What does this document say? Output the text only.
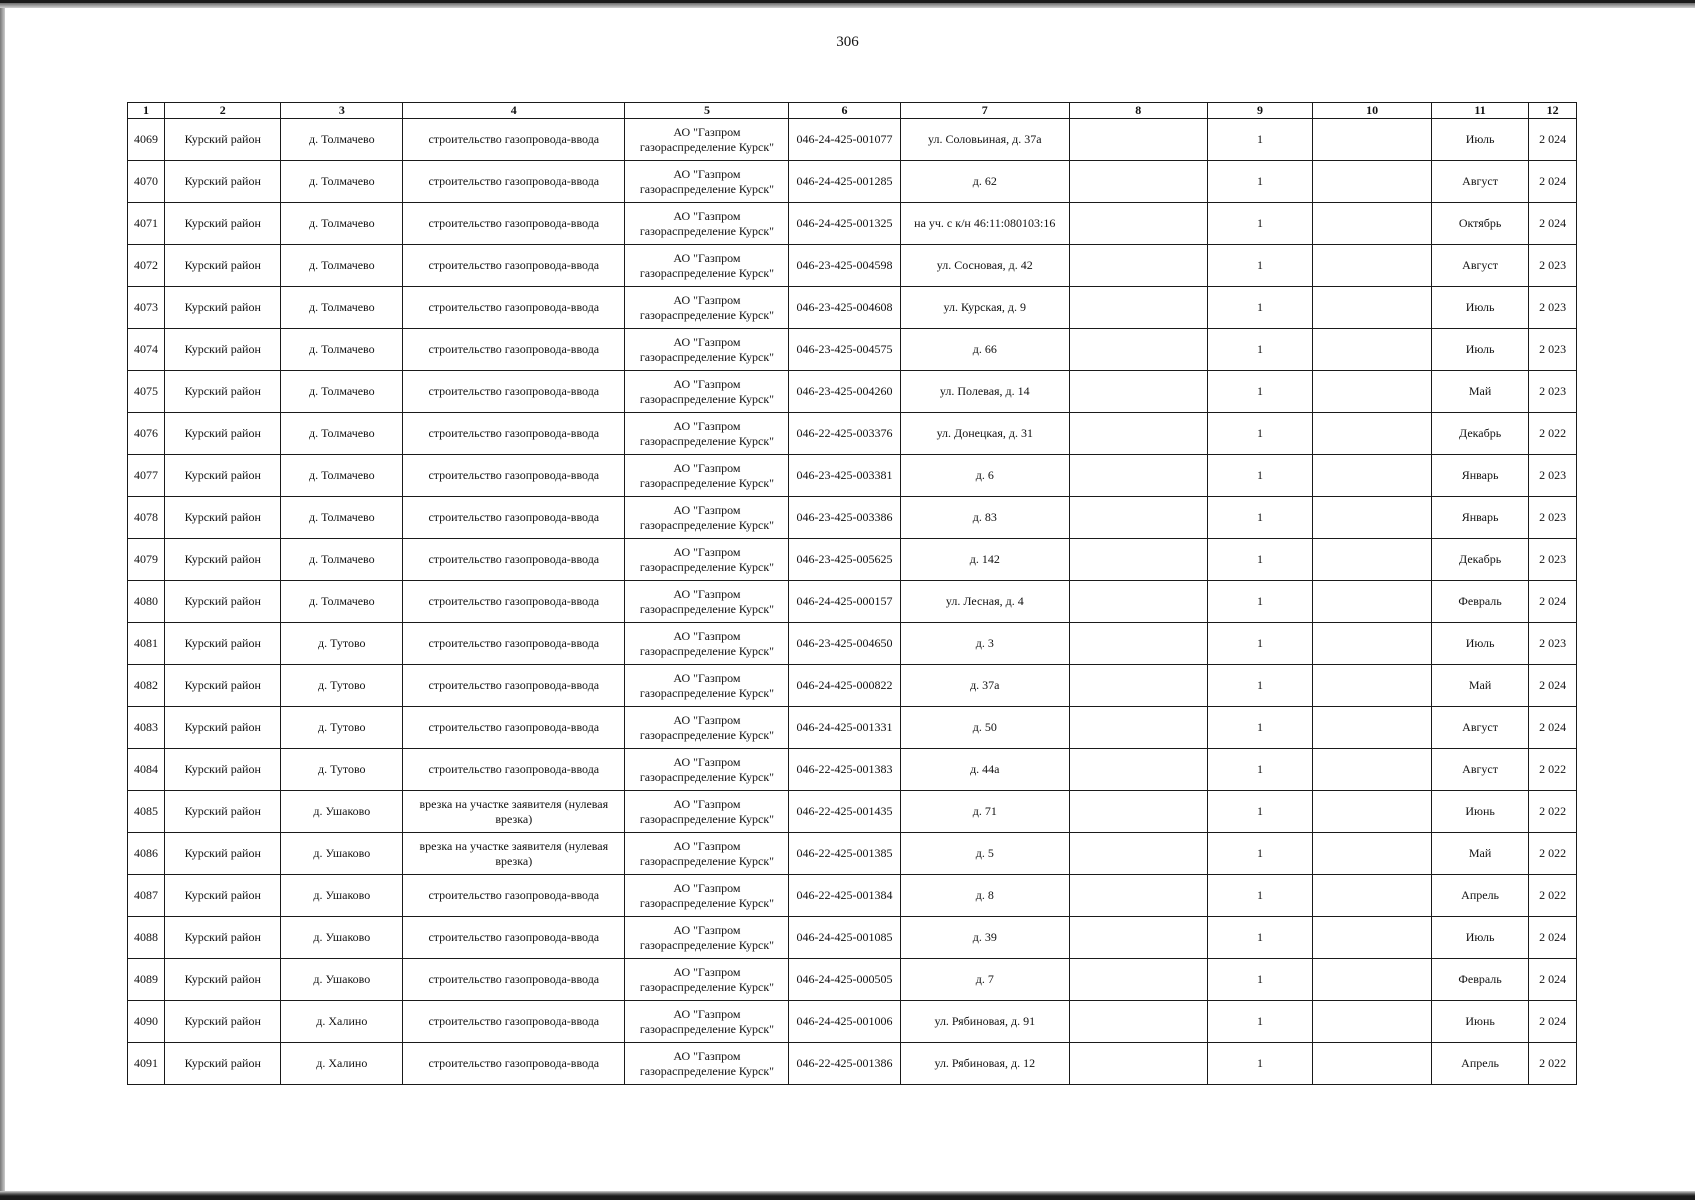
306
1	2	3	4	5	6	7	8	9	10	11	12
4069	Курский район	д. Толмачево	строительство газопровода-ввода	АО "Газпром газораспределение Курск"	046-24-425-001077	ул. Соловьиная, д. 37а		1		Июль	2 024
4070	Курский район	д. Толмачево	строительство газопровода-ввода	АО "Газпром газораспределение Курск"	046-24-425-001285	д. 62		1		Август	2 024
4071	Курский район	д. Толмачево	строительство газопровода-ввода	АО "Газпром газораспределение Курск"	046-24-425-001325	на уч. с к/н 46:11:080103:16		1		Октябрь	2 024
4072	Курский район	д. Толмачево	строительство газопровода-ввода	АО "Газпром газораспределение Курск"	046-23-425-004598	ул. Сосновая, д. 42		1		Август	2 023
4073	Курский район	д. Толмачево	строительство газопровода-ввода	АО "Газпром газораспределение Курск"	046-23-425-004608	ул. Курская, д. 9		1		Июль	2 023
4074	Курский район	д. Толмачево	строительство газопровода-ввода	АО "Газпром газораспределение Курск"	046-23-425-004575	д. 66		1		Июль	2 023
4075	Курский район	д. Толмачево	строительство газопровода-ввода	АО "Газпром газораспределение Курск"	046-23-425-004260	ул. Полевая, д. 14		1		Май	2 023
4076	Курский район	д. Толмачево	строительство газопровода-ввода	АО "Газпром газораспределение Курск"	046-22-425-003376	ул. Донецкая, д. 31		1		Декабрь	2 022
4077	Курский район	д. Толмачево	строительство газопровода-ввода	АО "Газпром газораспределение Курск"	046-23-425-003381	д. 6		1		Январь	2 023
4078	Курский район	д. Толмачево	строительство газопровода-ввода	АО "Газпром газораспределение Курск"	046-23-425-003386	д. 83		1		Январь	2 023
4079	Курский район	д. Толмачево	строительство газопровода-ввода	АО "Газпром газораспределение Курск"	046-23-425-005625	д. 142		1		Декабрь	2 023
4080	Курский район	д. Толмачево	строительство газопровода-ввода	АО "Газпром газораспределение Курск"	046-24-425-000157	ул. Лесная, д. 4		1		Февраль	2 024
4081	Курский район	д. Тутово	строительство газопровода-ввода	АО "Газпром газораспределение Курск"	046-23-425-004650	д. 3		1		Июль	2 023
4082	Курский район	д. Тутово	строительство газопровода-ввода	АО "Газпром газораспределение Курск"	046-24-425-000822	д. 37а		1		Май	2 024
4083	Курский район	д. Тутово	строительство газопровода-ввода	АО "Газпром газораспределение Курск"	046-24-425-001331	д. 50		1		Август	2 024
4084	Курский район	д. Тутово	строительство газопровода-ввода	АО "Газпром газораспределение Курск"	046-22-425-001383	д. 44а		1		Август	2 022
4085	Курский район	д. Ушаково	врезка на участке заявителя (нулевая врезка)	АО "Газпром газораспределение Курск"	046-22-425-001435	д. 71		1		Июнь	2 022
4086	Курский район	д. Ушаково	врезка на участке заявителя (нулевая врезка)	АО "Газпром газораспределение Курск"	046-22-425-001385	д. 5		1		Май	2 022
4087	Курский район	д. Ушаково	строительство газопровода-ввода	АО "Газпром газораспределение Курск"	046-22-425-001384	д. 8		1		Апрель	2 022
4088	Курский район	д. Ушаково	строительство газопровода-ввода	АО "Газпром газораспределение Курск"	046-24-425-001085	д. 39		1		Июль	2 024
4089	Курский район	д. Ушаково	строительство газопровода-ввода	АО "Газпром газораспределение Курск"	046-24-425-000505	д. 7		1		Февраль	2 024
4090	Курский район	д. Халино	строительство газопровода-ввода	АО "Газпром газораспределение Курск"	046-24-425-001006	ул. Рябиновая, д. 91		1		Июнь	2 024
4091	Курский район	д. Халино	строительство газопровода-ввода	АО "Газпром газораспределение Курск"	046-22-425-001386	ул. Рябиновая, д. 12		1		Апрель	2 022
